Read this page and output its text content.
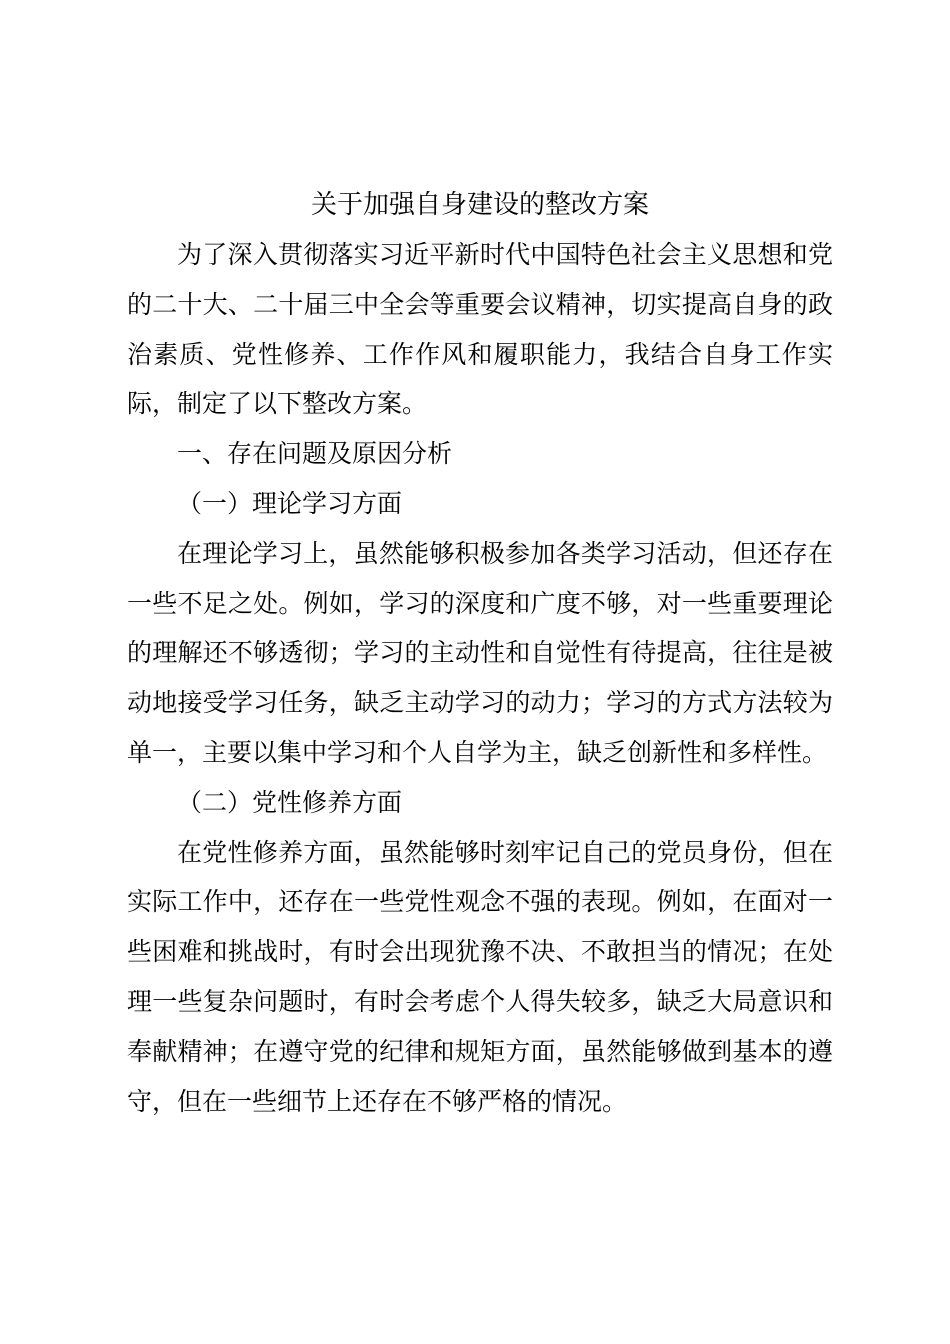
关于加强自身建设的整改方案

为了深入贯彻落实习近平新时代中国特色社会主义思想和党的二十大、二十届三中全会等重要会议精神，切实提高自身的政治素质、党性修养、工作作风和履职能力，我结合自身工作实际，制定了以下整改方案。

一、存在问题及原因分析

（一）理论学习方面

在理论学习上，虽然能够积极参加各类学习活动，但还存在一些不足之处。例如，学习的深度和广度不够，对一些重要理论的理解还不够透彻；学习的主动性和自觉性有待提高，往往是被动地接受学习任务，缺乏主动学习的动力；学习的方式方法较为单一，主要以集中学习和个人自学为主，缺乏创新性和多样性。

（二）党性修养方面

在党性修养方面，虽然能够时刻牢记自己的党员身份，但在实际工作中，还存在一些党性观念不强的表现。例如，在面对一些困难和挑战时，有时会出现犹豫不决、不敢担当的情况；在处理一些复杂问题时，有时会考虑个人得失较多，缺乏大局意识和奉献精神；在遵守党的纪律和规矩方面，虽然能够做到基本的遵守，但在一些细节上还存在不够严格的情况。
